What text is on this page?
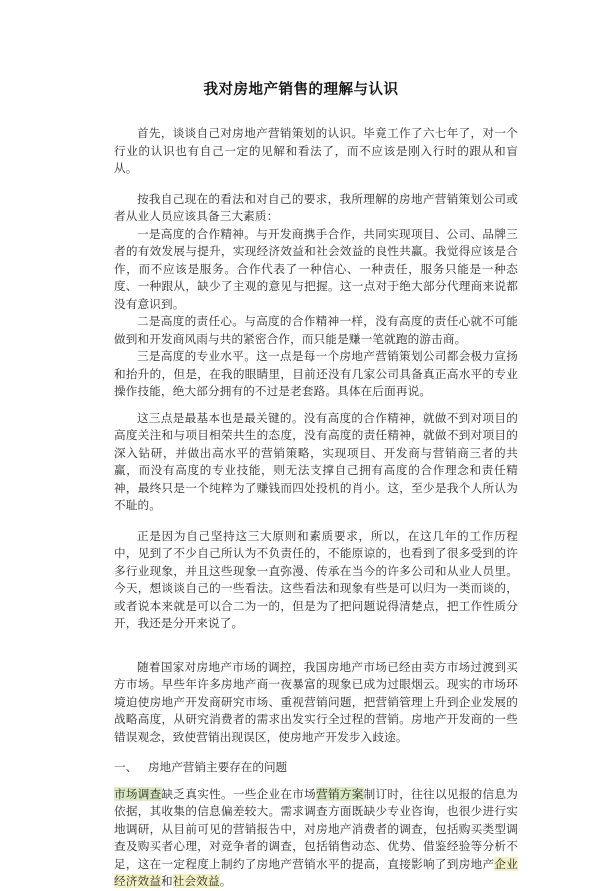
我对房地产销售的理解与认识

首先，谈谈自己对房地产营销策划的认识。毕竟工作了六七年了，对一个行业的认识也有自己一定的见解和看法了，而不应该是刚入行时的跟从和盲从。

按我自己现在的看法和对自己的要求，我所理解的房地产营销策划公司或者从业人员应该具备三大素质：

一是高度的合作精神。与开发商携手合作，共同实现项目、公司、品牌三者的有效发展与提升，实现经济效益和社会效益的良性共赢。我觉得应该是合作，而不应该是服务。合作代表了一种信心、一种责任，服务只能是一种态度、一种跟从，缺少了主观的意见与把握。这一点对于绝大部分代理商来说都没有意识到。

二是高度的责任心。与高度的合作精神一样，没有高度的责任心就不可能做到和开发商风雨与共的紧密合作，而只能是赚一笔就跑的游击商。

三是高度的专业水平。这一点是每一个房地产营销策划公司都会极力宣扬和抬升的，但是，在我的眼睛里，目前还没有几家公司具备真正高水平的专业操作技能，绝大部分拥有的不过是老套路。具体在后面再说。

这三点是最基本也是最关键的。没有高度的合作精神，就做不到对项目的高度关注和与项目相荣共生的态度，没有高度的责任精神，就做不到对项目的深入钻研，并做出高水平的营销策略，实现项目、开发商与营销商三者的共赢，而没有高度的专业技能，则无法支撑自己拥有高度的合作理念和责任精神，最终只是一个纯粹为了赚钱而四处投机的肖小。这，至少是我个人所认为不耻的。

正是因为自己坚持这三大原则和素质要求，所以，在这几年的工作历程中，见到了不少自己所认为不负责任的，不能原谅的，也看到了很多受到的许多行业现象，并且这些现象一直弥漫、传承在当今的许多公司和从业人员里。今天，想谈谈自己的一些看法。这些看法和现象有些是可以归为一类而谈的，或者说本来就是可以合二为一的，但是为了把问题说得清楚点，把工作性质分开，我还是分开来说了。

随着国家对房地产市场的调控，我国房地产市场已经由卖方市场过渡到买方市场。早些年许多房地产商一夜暴富的现象已成为过眼烟云。现实的市场环境迫使房地产开发商研究市场、重视营销问题，把营销管理上升到企业发展的战略高度，从研究消费者的需求出发实行全过程的营销。房地产开发商的一些错误观念，致使营销出现误区，使房地产开发步入歧途。

一、 房地产营销主要存在的问题

市场调查缺乏真实性。一些企业在市场营销方案制订时，往往以见报的信息为依据，其收集的信息偏差较大。需求调查方面既缺少专业咨询，也很少进行实地调研，从目前可见的营销报告中，对房地产消费者的调查，包括购买类型调查及购买者心理，对竞争者的调查，包括销售动态、优势、借鉴经验等分析不足，这在一定程度上制约了房地产营销水平的提高，直接影响了到房地产企业经济效益和社会效益。
